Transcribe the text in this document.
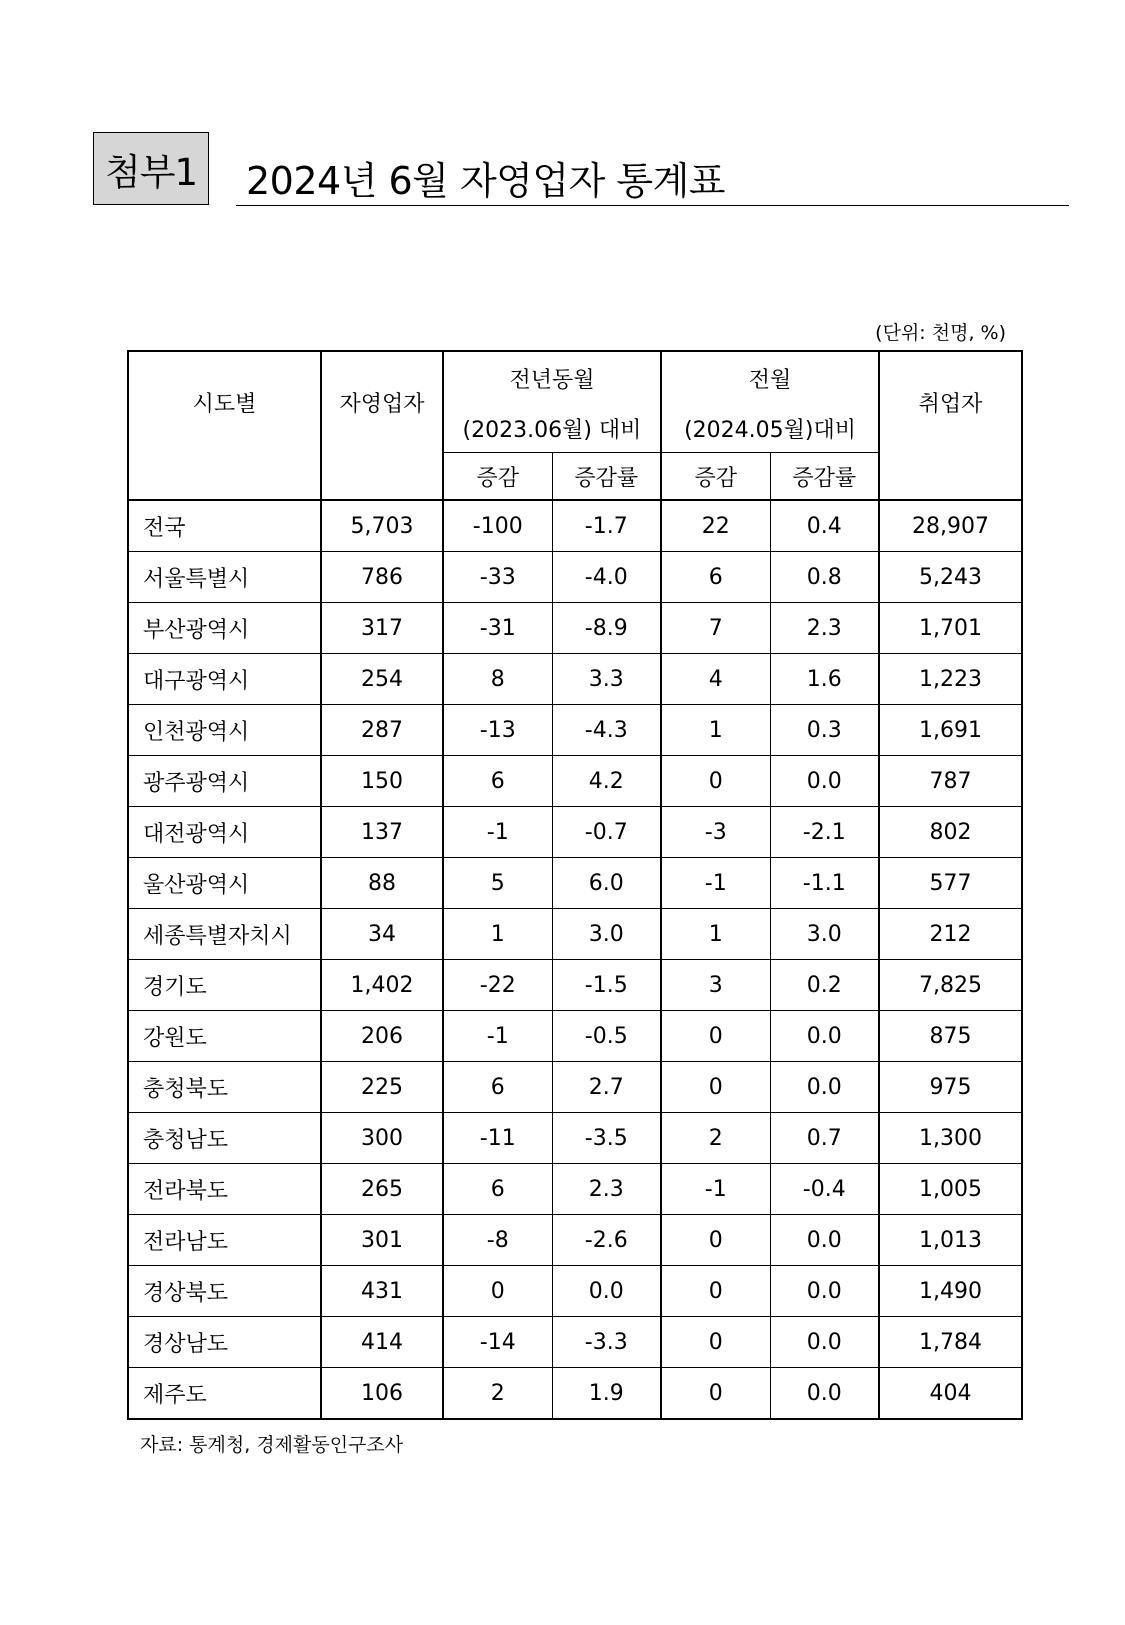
첨부1 2024년 6월 자영업자 통계표
(단위: 천명, %)
시도별	자영업자	전년동월		전월		취업자
		(2023.06월) 대비		(2024.05월)대비		
		증감	증감률	증감	증감률	
전국	5,703	-100	-1.7	22	0.4	28,907
서울특별시	786	-33	-4.0	6	0.8	5,243
부산광역시	317	-31	-8.9	7	2.3	1,701
대구광역시	254	8	3.3	4	1.6	1,223
인천광역시	287	-13	-4.3	1	0.3	1,691
광주광역시	150	6	4.2	0	0.0	787
대전광역시	137	-1	-0.7	-3	-2.1	802
울산광역시	88	5	6.0	-1	-1.1	577
세종특별자치시	34	1	3.0	1	3.0	212
경기도	1,402	-22	-1.5	3	0.2	7,825
강원도	206	-1	-0.5	0	0.0	875
충청북도	225	6	2.7	0	0.0	975
충청남도	300	-11	-3.5	2	0.7	1,300
전라북도	265	6	2.3	-1	-0.4	1,005
전라남도	301	-8	-2.6	0	0.0	1,013
경상북도	431	0	0.0	0	0.0	1,490
경상남도	414	-14	-3.3	0	0.0	1,784
제주도	106	2	1.9	0	0.0	404
자료: 통계청, 경제활동인구조사
